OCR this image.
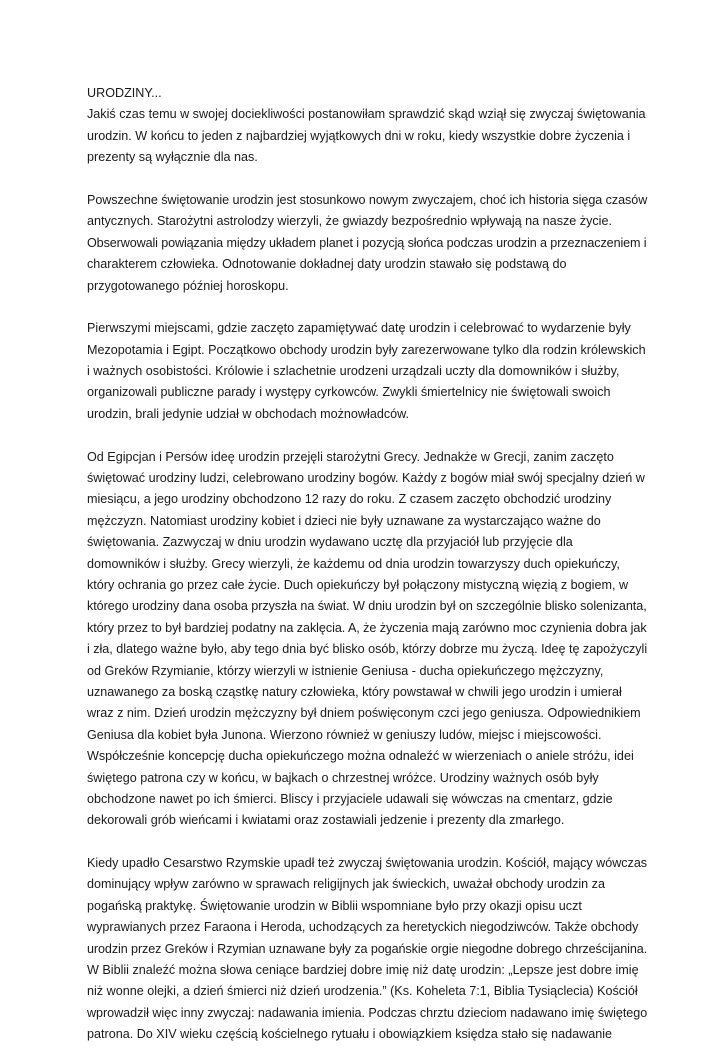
URODZINY...
Jakiś czas temu w swojej dociekliwości postanowiłam sprawdzić skąd wziął się zwyczaj świętowania
urodzin. W końcu to jeden z najbardziej wyjątkowych dni w roku, kiedy wszystkie dobre życzenia i
prezenty są wyłącznie dla nas.
Powszechne świętowanie urodzin jest stosunkowo nowym zwyczajem, choć ich historia sięga czasów
antycznych. Starożytni astrolodzy wierzyli, że gwiazdy bezpośrednio wpływają na nasze życie.
Obserwowali powiązania między układem planet i pozycją słońca podczas urodzin a przeznaczeniem i
charakterem człowieka. Odnotowanie dokładnej daty urodzin stawało się podstawą do
przygotowanego później horoskopu.
Pierwszymi miejscami, gdzie zaczęto zapamiętywać datę urodzin i celebrować to wydarzenie były
Mezopotamia i Egipt. Początkowo obchody urodzin były zarezerwowane tylko dla rodzin królewskich
i ważnych osobistości. Królowie i szlachetnie urodzeni urządzali uczty dla domowników i służby,
organizowali publiczne parady i występy cyrkowców. Zwykli śmiertelnicy nie świętowali swoich
urodzin, brali jedynie udział w obchodach możnowładców.
Od Egipcjan i Persów ideę urodzin przejęli starożytni Grecy. Jednakże w Grecji, zanim zaczęto
świętować urodziny ludzi, celebrowano urodziny bogów. Każdy z bogów miał swój specjalny dzień w
miesiącu, a jego urodziny obchodzono 12 razy do roku. Z czasem zaczęto obchodzić urodziny
mężczyzn. Natomiast urodziny kobiet i dzieci nie były uznawane za wystarczająco ważne do
świętowania. Zazwyczaj w dniu urodzin wydawano ucztę dla przyjaciół lub przyjęcie dla
domowników i służby. Grecy wierzyli, że każdemu od dnia urodzin towarzyszy duch opiekuńczy,
który ochrania go przez całe życie. Duch opiekuńczy był połączony mistyczną więzią z bogiem, w
którego urodziny dana osoba przyszła na świat. W dniu urodzin był on szczególnie blisko solenizanta,
który przez to był bardziej podatny na zaklęcia. A, że życzenia mają zarówno moc czynienia dobra jak
i zła, dlatego ważne było, aby tego dnia być blisko osób, którzy dobrze mu życzą. Ideę tę zapożyczyli
od Greków Rzymianie, którzy wierzyli w istnienie Geniusa - ducha opiekuńczego mężczyzny,
uznawanego za boską cząstkę natury człowieka, który powstawał w chwili jego urodzin i umierał
wraz z nim. Dzień urodzin mężczyzny był dniem poświęconym czci jego geniusza. Odpowiednikiem
Geniusa dla kobiet była Junona. Wierzono również w geniuszy ludów, miejsc i miejscowości.
Współcześnie koncepcję ducha opiekuńczego można odnaleźć w wierzeniach o aniele stróżu, idei
świętego patrona czy w końcu, w bajkach o chrzestnej wróżce. Urodziny ważnych osób były
obchodzone nawet po ich śmierci. Bliscy i przyjaciele udawali się wówczas na cmentarz, gdzie
dekorowali grób wieńcami i kwiatami oraz zostawiali jedzenie i prezenty dla zmarłego.
Kiedy upadło Cesarstwo Rzymskie upadł też zwyczaj świętowania urodzin. Kościół, mający wówczas
dominujący wpływ zarówno w sprawach religijnych jak świeckich, uważał obchody urodzin za
pogańską praktykę. Świętowanie urodzin w Biblii wspomniane było przy okazji opisu uczt
wyprawianych przez Faraona i Heroda, uchodzących za heretyckich niegodziwców. Także obchody
urodzin przez Greków i Rzymian uznawane były za pogańskie orgie niegodne dobrego chrześcijanina.
W Biblii znaleźć można słowa ceniące bardziej dobre imię niż datę urodzin: „Lepsze jest dobre imię
niż wonne olejki, a dzień śmierci niż dzień urodzenia.” (Ks. Koheleta 7:1, Biblia Tysiąclecia) Kościół
wprowadził więc inny zwyczaj: nadawania imienia. Podczas chrztu dzieciom nadawano imię świętego
patrona. Do XIV wieku częścią kościelnego rytuału i obowiązkiem księdza stało się nadawanie
